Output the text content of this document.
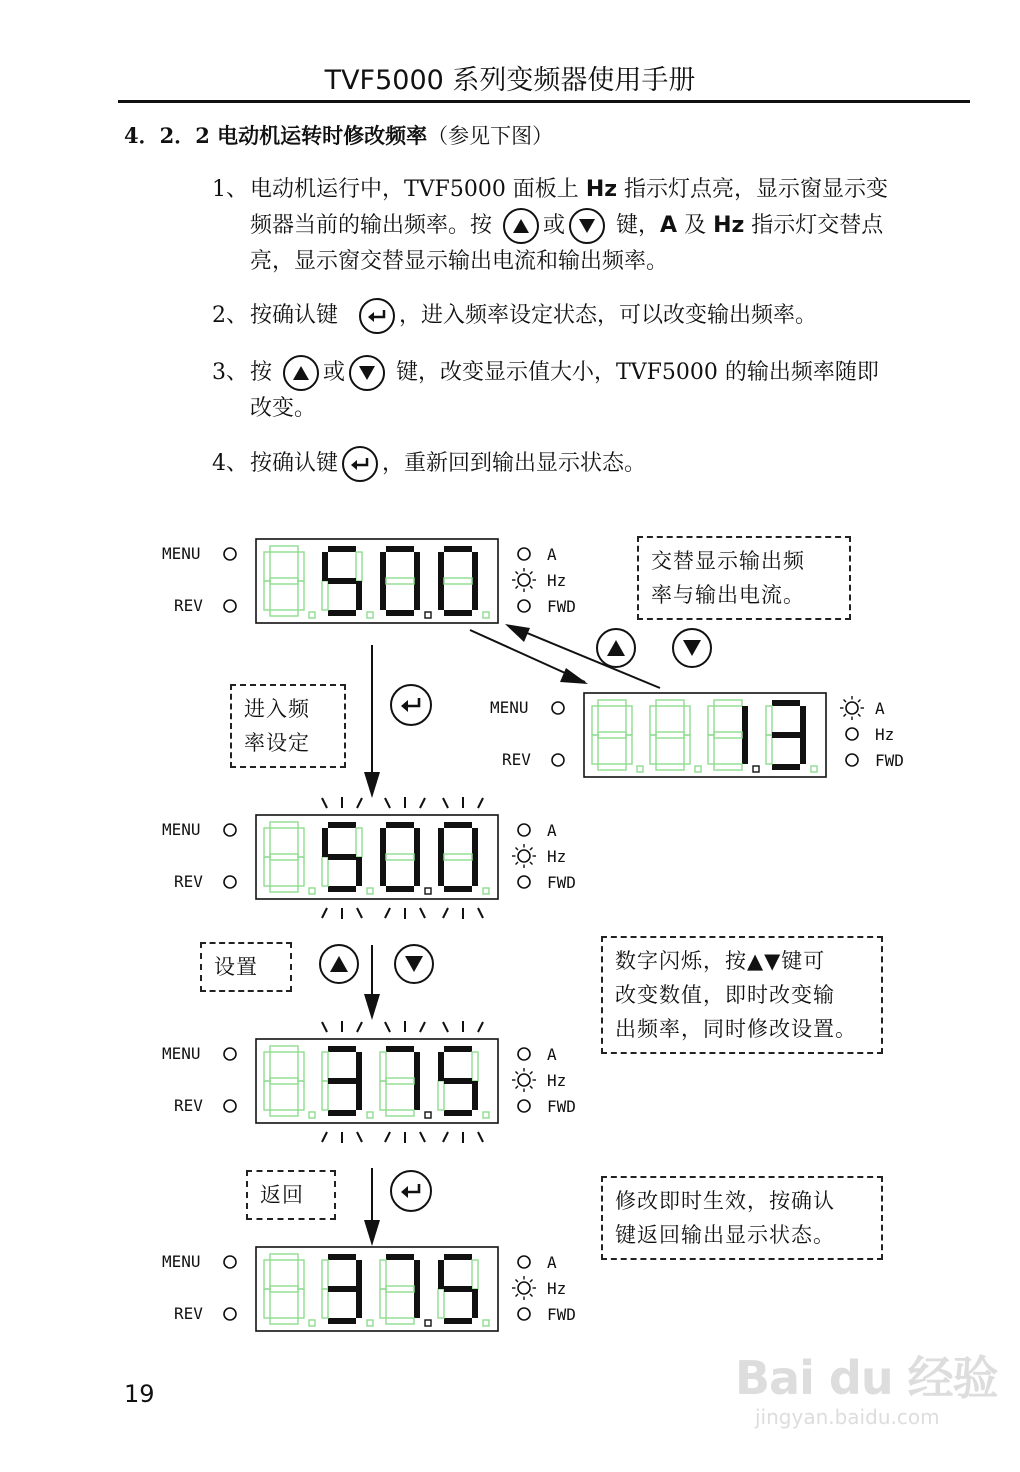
TVF5000 系列变频器使用手册
4．2．2 电动机运转时修改频率（参见下图）
1、 电动机运行中，TVF5000 面板上 Hz 指示灯点亮，显示窗显示变
频器当前的输出频率。按 或 键，A 及 Hz 指示灯交替点
亮，显示窗交替显示输出电流和输出频率。
2、 按确认键	，进入频率设定状态，可以改变输出频率。
3、 按 或 键，改变显示值大小，TVF5000 的输出频率随即
改变。
4、 按确认键 ，重新回到输出显示状态。
MENU
REV
A
Hz
FWD
MENU
REV
A
Hz
FWD
MENU
REV
A
Hz
FWD
MENU
REV
A
Hz
FWD
MENU
REV
A
Hz
FWD
交替显示输出频
率与输出电流。
进入频
率设定
设置	数字闪烁，按▲▼键可
改变数值，即时改变输
出频率，同时修改设置。
返回	修改即时生效，按确认
键返回输出显示状态。
19	Bai du 经验
jingyan.baidu.com
